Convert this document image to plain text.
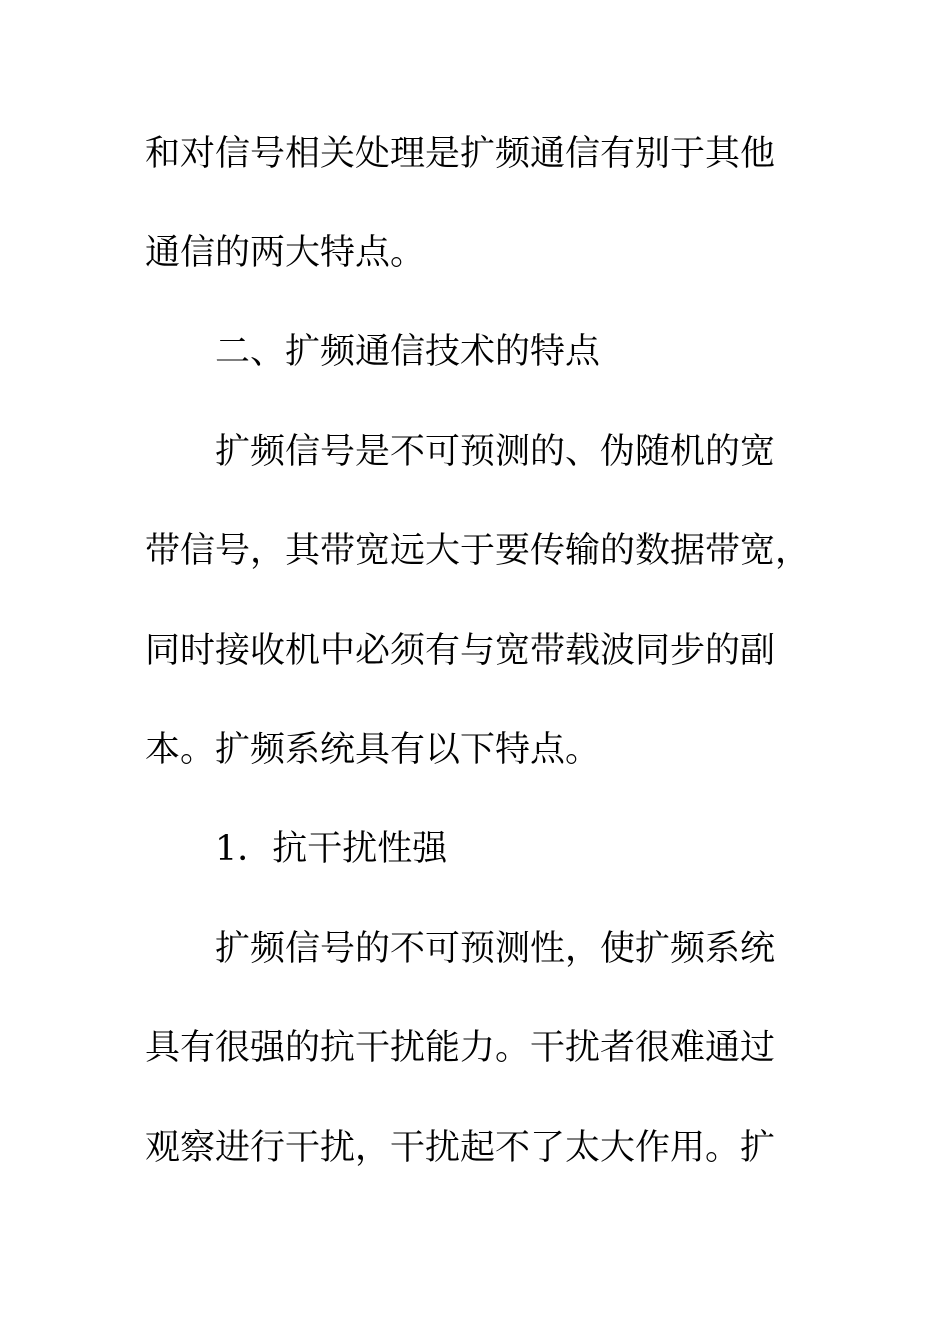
和对信号相关处理是扩频通信有别于其他
通信的两大特点。
二、扩频通信技术的特点
扩频信号是不可预测的、伪随机的宽
带信号，其带宽远大于要传输的数据带宽，
同时接收机中必须有与宽带载波同步的副
本。扩频系统具有以下特点。
1．抗干扰性强
扩频信号的不可预测性，使扩频系统
具有很强的抗干扰能力。干扰者很难通过
观察进行干扰，干扰起不了太大作用。扩
